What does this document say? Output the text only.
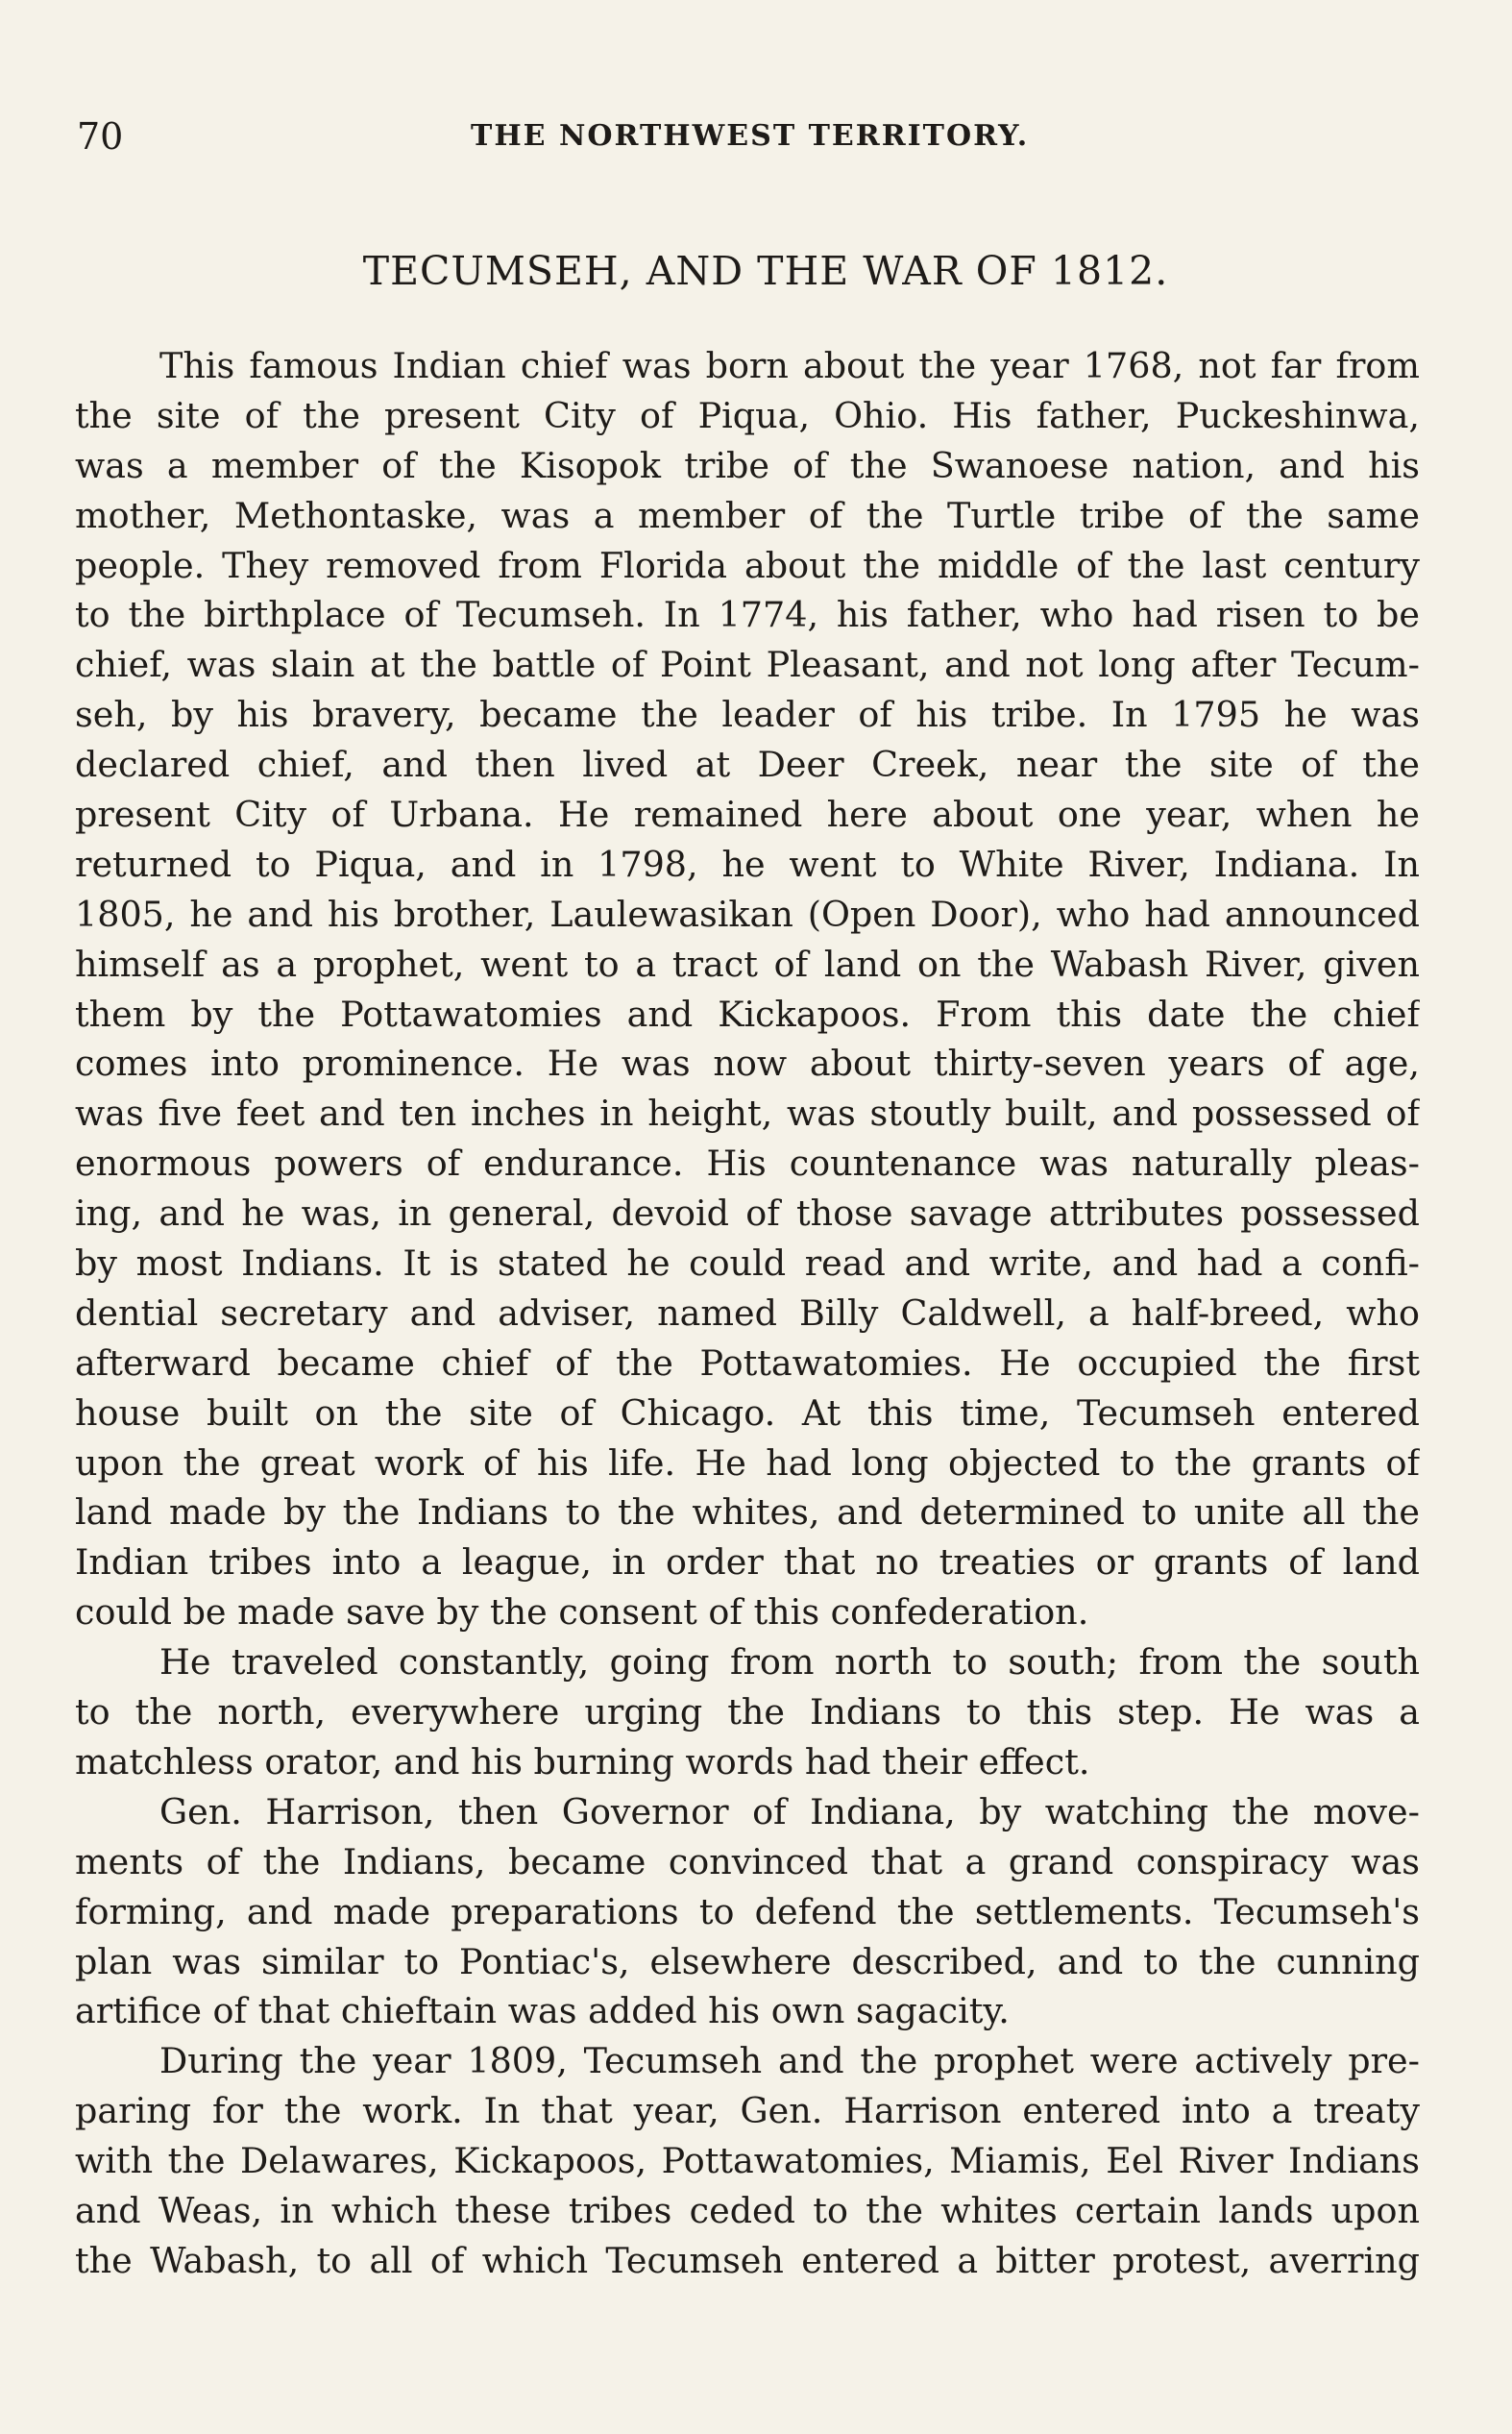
70	THE NORTHWEST TERRITORY.
TECUMSEH, AND THE WAR OF 1812.
This famous Indian chief was born about the year 1768, not far from
the site of the present City of Piqua, Ohio. His father, Puckeshinwa,
was a member of the Kisopok tribe of the Swanoese nation, and his
mother, Methontaske, was a member of the Turtle tribe of the same
people. They removed from Florida about the middle of the last century
to the birthplace of Tecumseh. In 1774, his father, who had risen to be
chief, was slain at the battle of Point Pleasant, and not long after Tecum-
seh, by his bravery, became the leader of his tribe. In 1795 he was
declared chief, and then lived at Deer Creek, near the site of the
present City of Urbana. He remained here about one year, when he
returned to Piqua, and in 1798, he went to White River, Indiana. In
1805, he and his brother, Laulewasikan (Open Door), who had announced
himself as a prophet, went to a tract of land on the Wabash River, given
them by the Pottawatomies and Kickapoos. From this date the chief
comes into prominence. He was now about thirty-seven years of age,
was five feet and ten inches in height, was stoutly built, and possessed of
enormous powers of endurance. His countenance was naturally pleas-
ing, and he was, in general, devoid of those savage attributes possessed
by most Indians. It is stated he could read and write, and had a confi-
dential secretary and adviser, named Billy Caldwell, a half-breed, who
afterward became chief of the Pottawatomies. He occupied the first
house built on the site of Chicago. At this time, Tecumseh entered
upon the great work of his life. He had long objected to the grants of
land made by the Indians to the whites, and determined to unite all the
Indian tribes into a league, in order that no treaties or grants of land
could be made save by the consent of this confederation.
He traveled constantly, going from north to south; from the south
to the north, everywhere urging the Indians to this step. He was a
matchless orator, and his burning words had their effect.
Gen. Harrison, then Governor of Indiana, by watching the move-
ments of the Indians, became convinced that a grand conspiracy was
forming, and made preparations to defend the settlements. Tecumseh's
plan was similar to Pontiac's, elsewhere described, and to the cunning
artifice of that chieftain was added his own sagacity.
During the year 1809, Tecumseh and the prophet were actively pre-
paring for the work. In that year, Gen. Harrison entered into a treaty
with the Delawares, Kickapoos, Pottawatomies, Miamis, Eel River Indians
and Weas, in which these tribes ceded to the whites certain lands upon
the Wabash, to all of which Tecumseh entered a bitter protest, averring
